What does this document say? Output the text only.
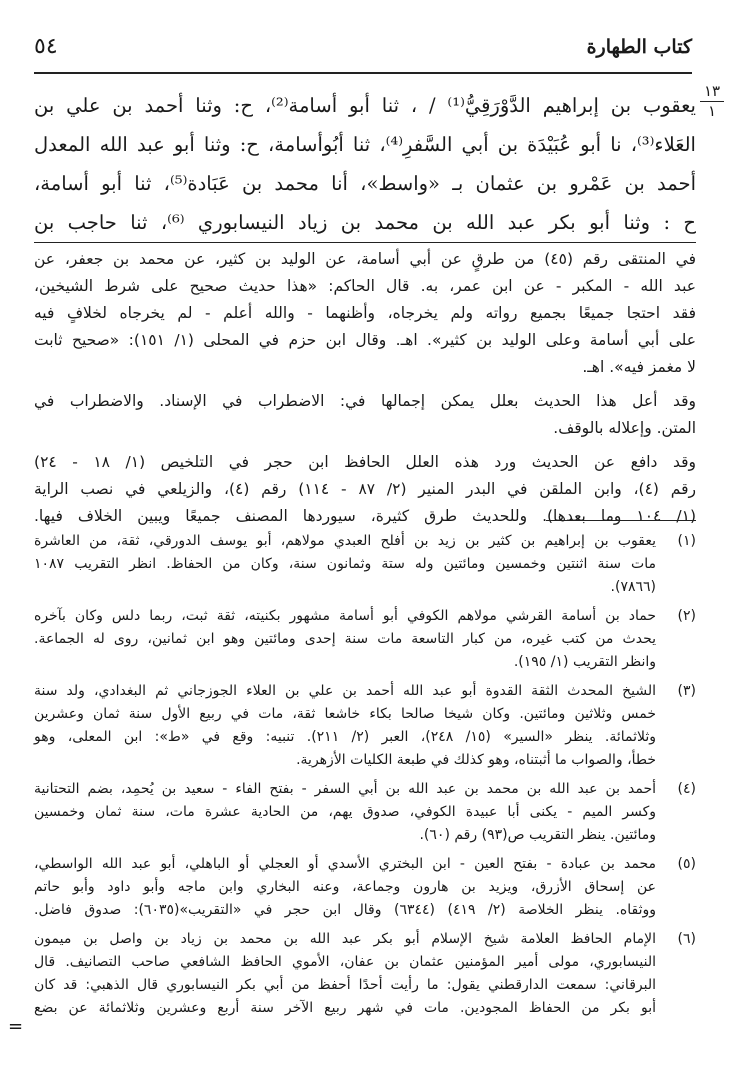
٥٤	كتاب الطهارة
١٣
١
يعقوب بن إبراهيم الدَّوْرَقِيُّ⁽¹⁾ / ، ثنا أبو أسامة⁽²⁾، ح: وثنا أحمد بن علي بن
العَلاء⁽³⁾، نا أبو عُبَيْدَة بن أبي السَّفرِ⁽⁴⁾، ثنا أبُوأسامة، ح: وثنا أبو عبد الله المعدل
أحمد بن عَمْرو بن عثمان بـ «واسط»، أنا محمد بن عَبَادة⁽⁵⁾، ثنا أبو أسامة،
ح : وثنا أبو بكر عبد الله بن محمد بن زياد النيسابوري ⁽⁶⁾، ثنا حاجب بن
في المنتقى رقم (٤٥) من طرقٍ عن أبي أسامة، عن الوليد بن كثير، عن محمد بن جعفر، عن
عبد الله - المكبر - عن ابن عمر، به. قال الحاكم: «هذا حديث صحيح على شرط الشيخين،
فقد احتجا جميعًا بجميع رواته ولم يخرجاه، وأظنهما - والله أعلم - لم يخرجاه لخلافٍ فيه
على أبي أسامة وعلى الوليد بن كثير». اهـ. وقال ابن حزم في المحلى (١/ ١٥١): «صحيح ثابت
لا مغمز فيه». اهـ.
وقد أعل هذا الحديث بعلل يمكن إجمالها في: الاضطراب في الإسناد. والاضطراب في
المتن. وإعلاله بالوقف.
وقد دافع عن الحديث ورد هذه العلل الحافظ ابن حجر في التلخيص (١/ ١٨ - ٢٤)
رقم (٤)، وابن الملقن في البدر المنير (٢/ ٨٧ - ١١٤) رقم (٤)، والزيلعي في نصب الراية
(١/ ١٠٤ وما بعدها). وللحديث طرق كثيرة، سيوردها المصنف جميعًا ويبين الخلاف فيها.
(١)
يعقوب بن إبراهيم بن كثير بن زيد بن أفلح العبدي مولاهم، أبو يوسف الدورقي، ثقة، من العاشرة
مات سنة اثنتين وخمسين ومائتين وله ستة وثمانون سنة، وكان من الحفاظ. انظر التقريب ١٠٨٧
(٧٨٦٦).
(٢)
حماد بن أسامة القرشي مولاهم الكوفي أبو أسامة مشهور بكنيته، ثقة ثبت، ربما دلس وكان بآخره
يحدث من كتب غيره، من كبار التاسعة مات سنة إحدى ومائتين وهو ابن ثمانين، روى له الجماعة.
وانظر التقريب (١/ ١٩٥).
(٣)
الشيخ المحدث الثقة القدوة أبو عبد الله أحمد بن علي بن العلاء الجوزجاني ثم البغدادي، ولد سنة
خمس وثلاثين ومائتين. وكان شيخا صالحا بكاء خاشعا ثقة، مات في ربيع الأول سنة ثمان وعشرين
وثلاثمائة. ينظر «السير» (١٥/ ٢٤٨)، العبر (٢/ ٢١١). تنبيه: وقع في «ط»: ابن المعلى، وهو
خطأ، والصواب ما أثبتناه، وهو كذلك في طبعة الكليات الأزهرية.
(٤)
أحمد بن عبد الله بن محمد بن عبد الله بن أبي السفر - بفتح الفاء - سعيد بن يُحمِد، بضم التحتانية
وكسر الميم - يكنى أبا عبيدة الكوفي، صدوق يهم، من الحادية عشرة مات، سنة ثمان وخمسين
ومائتين. ينظر التقريب ص(٩٣) رقم (٦٠).
(٥)
محمد بن عبادة - بفتح العين - ابن البختري الأسدي أو العجلي أو الباهلي، أبو عبد الله الواسطي،
عن إسحاق الأزرق، ويزيد بن هارون وجماعة، وعنه البخاري وابن ماجه وأبو داود وأبو حاتم
ووثقاه. ينظر الخلاصة (٢/ ٤١٩) (٦٣٤٤) وقال ابن حجر في «التقريب»(٦٠٣٥): صدوق فاضل.
(٦)
الإمام الحافظ العلامة شيخ الإسلام أبو بكر عبد الله بن محمد بن زياد بن واصل بن ميمون
النيسابوري، مولى أمير المؤمنين عثمان بن عفان، الأموي الحافظ الشافعي صاحب التصانيف. قال
البرقاني: سمعت الدارقطني يقول: ما رأيت أحدًا أحفظ من أبي بكر النيسابوري قال الذهبي: قد كان
أبو بكر من الحفاظ المجودين. مات في شهر ربيع الآخر سنة أربع وعشرين وثلاثمائة عن بضع
=
